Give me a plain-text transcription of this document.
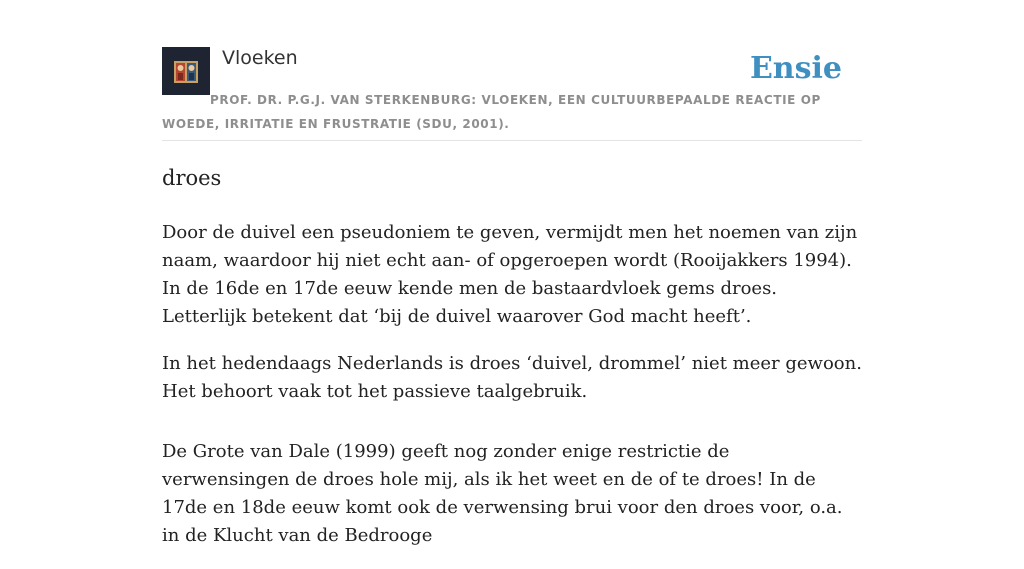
Vloeken	Ensie
PROF. DR. P.G.J. VAN STERKENBURG: VLOEKEN, EEN CULTUURBEPAALDE REACTIE OP WOEDE, IRRITATIE EN FRUSTRATIE (SDU, 2001).
droes

Door de duivel een pseudoniem te geven, vermijdt men het noemen van zijn naam, waardoor hij niet echt aan- of opgeroepen wordt (Rooijakkers 1994). In de 16de en 17de eeuw kende men de bastaardvloek gems droes. Letterlijk betekent dat ‘bij de duivel waarover God macht heeft’.

In het hedendaags Nederlands is droes ‘duivel, drommel’ niet meer gewoon. Het behoort vaak tot het passieve taalgebruik.

De Grote van Dale (1999) geeft nog zonder enige restrictie de verwensingen de droes hole mij, als ik het weet en de of te droes! In de 17de en 18de eeuw komt ook de verwensing brui voor den droes voor, o.a. in de Klucht van de Bedrooge
